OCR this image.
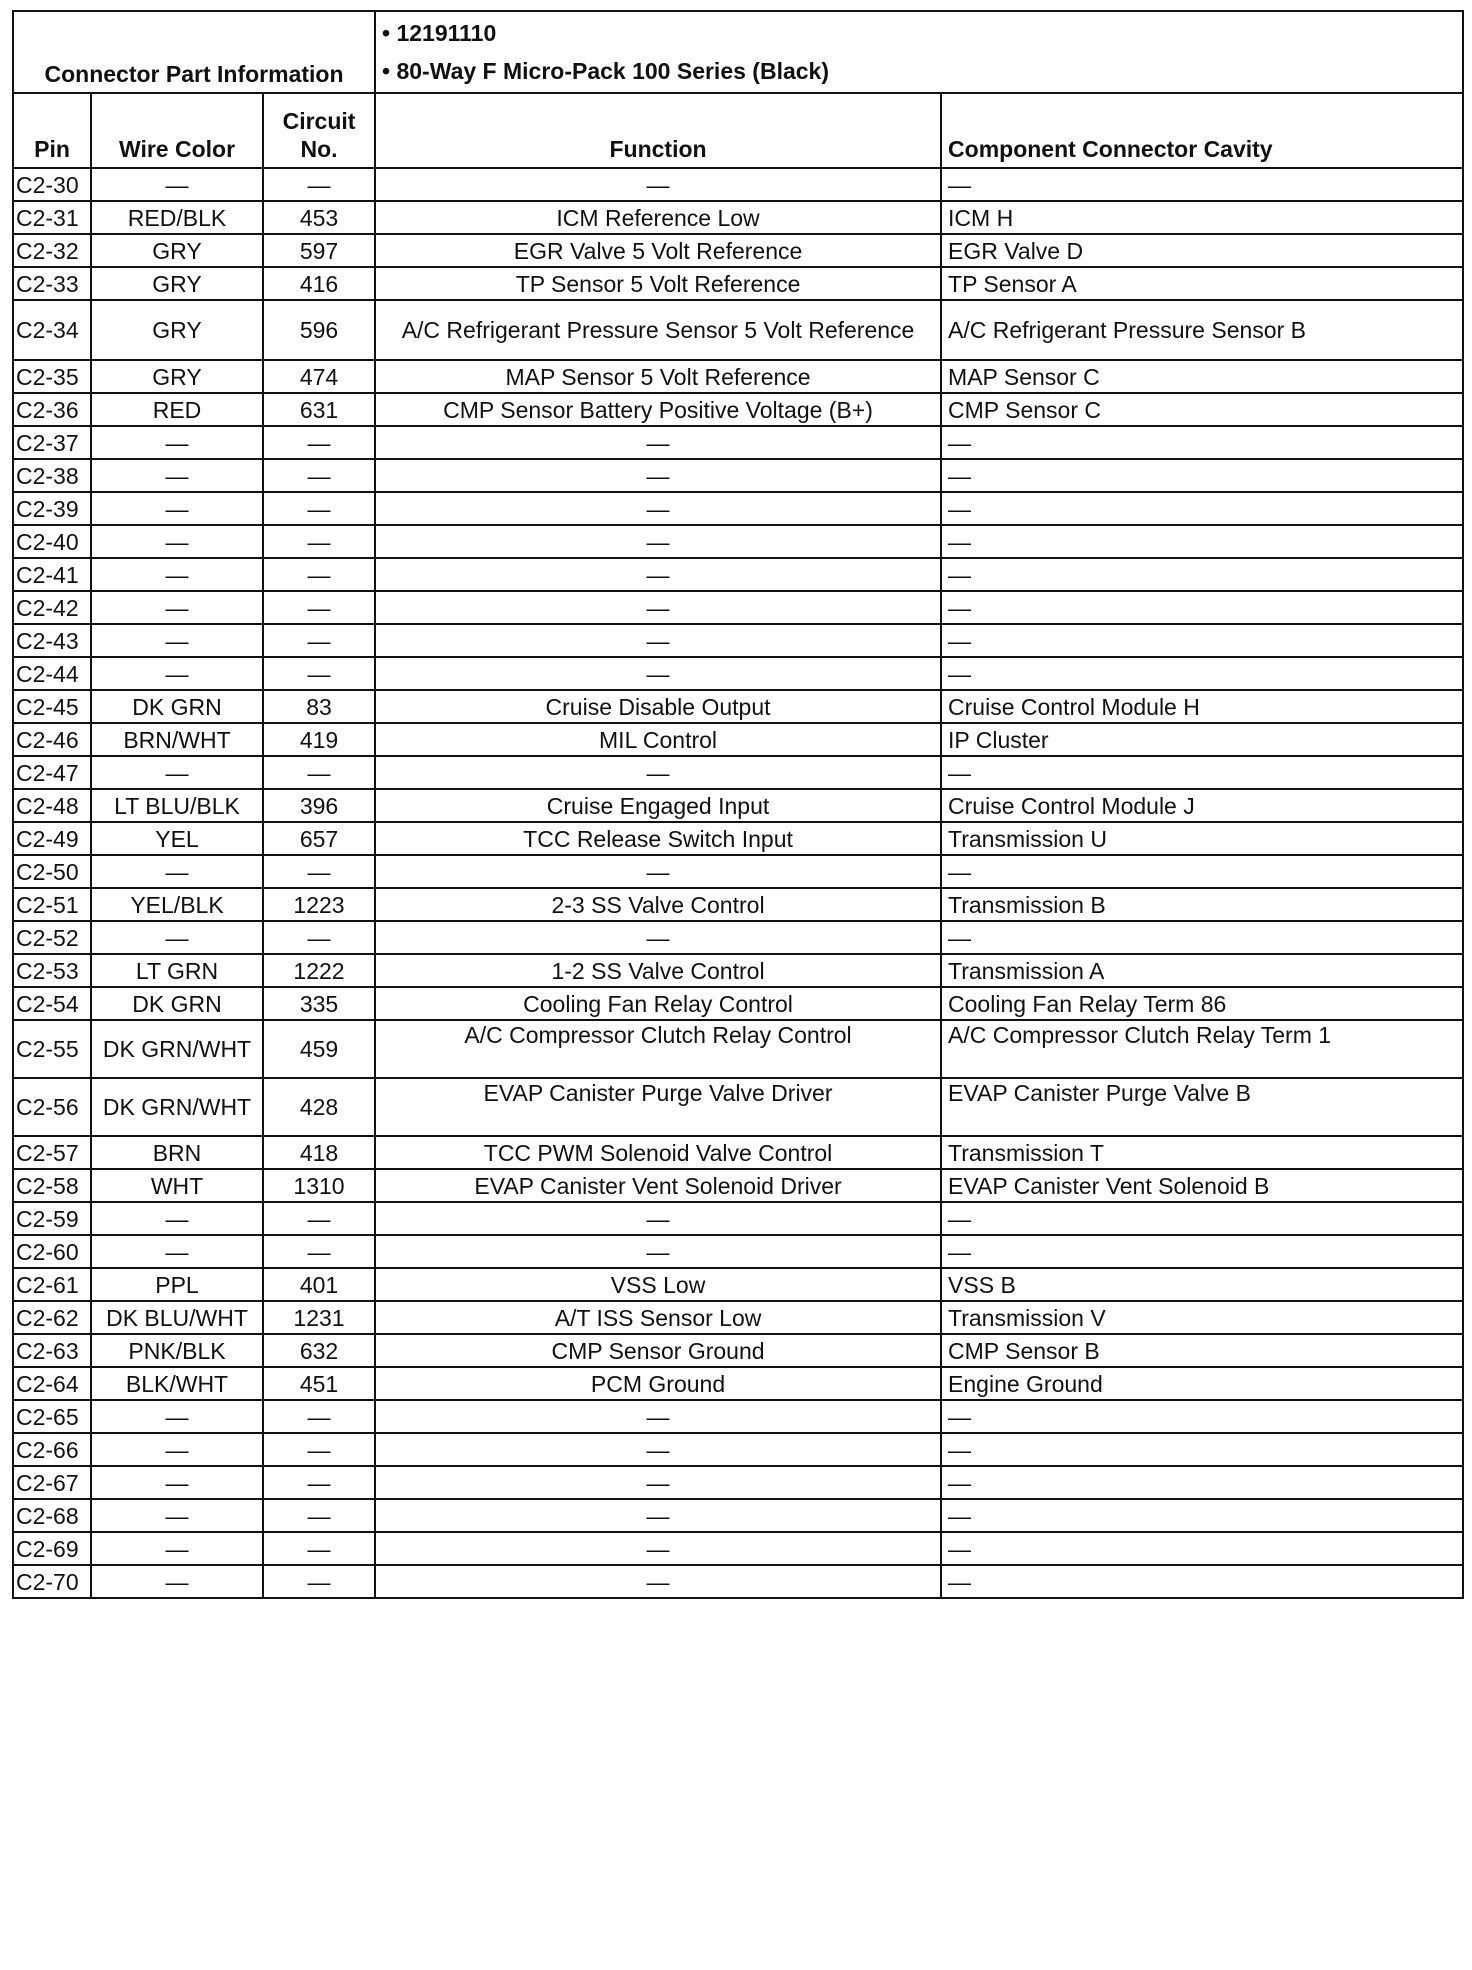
Connector Part Information			• 12191110
• 80-Way F Micro-Pack 100 Series (Black)	

Pin	Wire Color	Circuit No.	Function	Component Connector Cavity
C2-30	—	—	—	—
C2-31	RED/BLK	453	ICM Reference Low	ICM H
C2-32	GRY	597	EGR Valve 5 Volt Reference	EGR Valve D
C2-33	GRY	416	TP Sensor 5 Volt Reference	TP Sensor A
C2-34	GRY	596	A/C Refrigerant Pressure Sensor 5 Volt Reference	A/C Refrigerant Pressure Sensor B
C2-35	GRY	474	MAP Sensor 5 Volt Reference	MAP Sensor C
C2-36	RED	631	CMP Sensor Battery Positive Voltage (B+)	CMP Sensor C
C2-37	—	—	—	—
C2-38	—	—	—	—
C2-39	—	—	—	—
C2-40	—	—	—	—
C2-41	—	—	—	—
C2-42	—	—	—	—
C2-43	—	—	—	—
C2-44	—	—	—	—
C2-45	DK GRN	83	Cruise Disable Output	Cruise Control Module H
C2-46	BRN/WHT	419	MIL Control	IP Cluster
C2-47	—	—	—	—
C2-48	LT BLU/BLK	396	Cruise Engaged Input	Cruise Control Module J
C2-49	YEL	657	TCC Release Switch Input	Transmission U
C2-50	—	—	—	—
C2-51	YEL/BLK	1223	2-3 SS Valve Control	Transmission B
C2-52	—	—	—	—
C2-53	LT GRN	1222	1-2 SS Valve Control	Transmission A
C2-54	DK GRN	335	Cooling Fan Relay Control	Cooling Fan Relay Term 86
C2-55	DK GRN/WHT	459	A/C Compressor Clutch Relay Control	A/C Compressor Clutch Relay Term 1
C2-56	DK GRN/WHT	428	EVAP Canister Purge Valve Driver	EVAP Canister Purge Valve B
C2-57	BRN	418	TCC PWM Solenoid Valve Control	Transmission T
C2-58	WHT	1310	EVAP Canister Vent Solenoid Driver	EVAP Canister Vent Solenoid B
C2-59	—	—	—	—
C2-60	—	—	—	—
C2-61	PPL	401	VSS Low	VSS B
C2-62	DK BLU/WHT	1231	A/T ISS Sensor Low	Transmission V
C2-63	PNK/BLK	632	CMP Sensor Ground	CMP Sensor B
C2-64	BLK/WHT	451	PCM Ground	Engine Ground
C2-65	—	—	—	—
C2-66	—	—	—	—
C2-67	—	—	—	—
C2-68	—	—	—	—
C2-69	—	—	—	—
C2-70	—	—	—	—
